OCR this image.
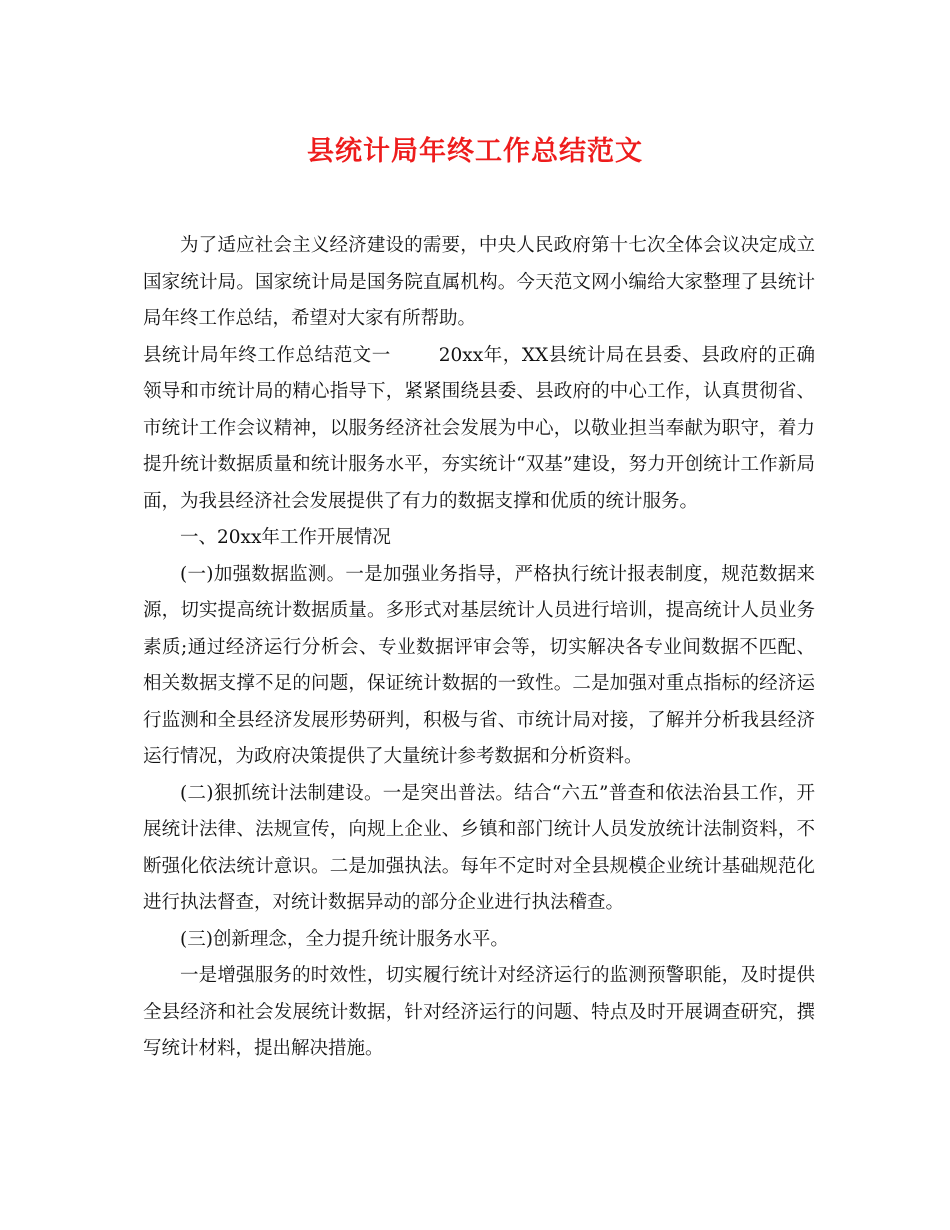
县统计局年终工作总结范文

为了适应社会主义经济建设的需要，中央人民政府第十七次全体会议决定成立国家统计局。国家统计局是国务院直属机构。今天范文网小编给大家整理了县统计局年终工作总结，希望对大家有所帮助。

县统计局年终工作总结范文一	20xx年，XX县统计局在县委、县政府的正确领导和市统计局的精心指导下，紧紧围绕县委、县政府的中心工作，认真贯彻省、市统计工作会议精神，以服务经济社会发展为中心，以敬业担当奉献为职守，着力提升统计数据质量和统计服务水平，夯实统计“双基”建设，努力开创统计工作新局面，为我县经济社会发展提供了有力的数据支撑和优质的统计服务。

一、20xx年工作开展情况

(一)加强数据监测。一是加强业务指导，严格执行统计报表制度，规范数据来源，切实提高统计数据质量。多形式对基层统计人员进行培训，提高统计人员业务素质;通过经济运行分析会、专业数据评审会等，切实解决各专业间数据不匹配、相关数据支撑不足的问题，保证统计数据的一致性。二是加强对重点指标的经济运行监测和全县经济发展形势研判，积极与省、市统计局对接，了解并分析我县经济运行情况，为政府决策提供了大量统计参考数据和分析资料。

(二)狠抓统计法制建设。一是突出普法。结合“六五”普查和依法治县工作，开展统计法律、法规宣传，向规上企业、乡镇和部门统计人员发放统计法制资料，不断强化依法统计意识。二是加强执法。每年不定时对全县规模企业统计基础规范化进行执法督查，对统计数据异动的部分企业进行执法稽查。

(三)创新理念，全力提升统计服务水平。

一是增强服务的时效性，切实履行统计对经济运行的监测预警职能，及时提供全县经济和社会发展统计数据，针对经济运行的问题、特点及时开展调查研究，撰写统计材料，提出解决措施。
